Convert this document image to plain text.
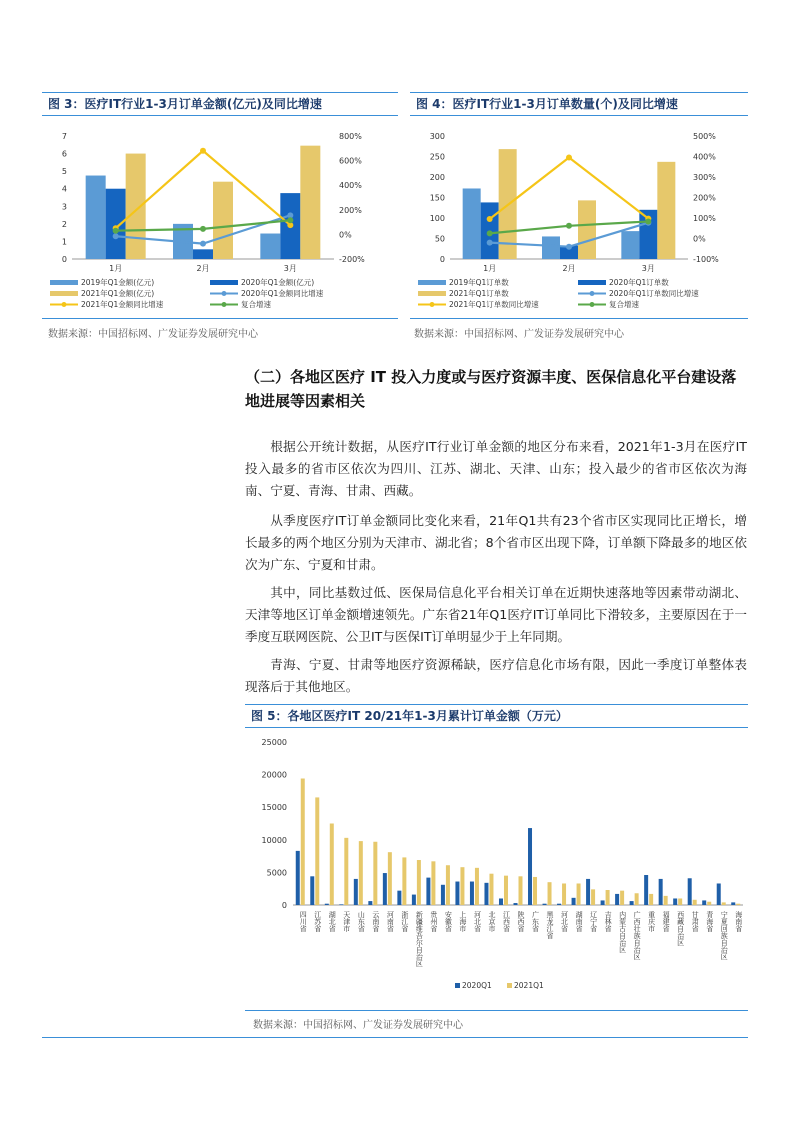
图 3：医疗IT行业1-3月订单金额(亿元)及同比增速
0
1
2
3
4
5
6
7
-200%
0%
200%
400%
600%
800%
1月	2月	3月
2019年Q1金额(亿元)	2020年Q1金额(亿元)
2021年Q1金额(亿元)	2020年Q1金额同比增速
2021年Q1金额同比增速	复合增速
数据来源：中国招标网、广发证券发展研究中心
图 4：医疗IT行业1-3月订单数量(个)及同比增速
0
50
100
150
200
250
300
-100%
0%
100%
200%
300%
400%
500%
1月	2月	3月
2019年Q1订单数	2020年Q1订单数
2021年Q1订单数	2020年Q1订单数同比增速
2021年Q1订单数同比增速	复合增速
数据来源：中国招标网、广发证券发展研究中心
（二）各地区医疗 IT 投入力度或与医疗资源丰度、医保信息化平台建设落地进展等因素相关
根据公开统计数据，从医疗IT行业订单金额的地区分布来看，2021年1-3月在医疗IT投入最多的省市区依次为四川、江苏、湖北、天津、山东；投入最少的省市区依次为海南、宁夏、青海、甘肃、西藏。
从季度医疗IT订单金额同比变化来看，21年Q1共有23个省市区实现同比正增长，增长最多的两个地区分别为天津市、湖北省；8个省市区出现下降，订单额下降最多的地区依次为广东、宁夏和甘肃。
其中，同比基数过低、医保局信息化平台相关订单在近期快速落地等因素带动湖北、天津等地区订单金额增速领先。广东省21年Q1医疗IT订单同比下滑较多，主要原因在于一季度互联网医院、公卫IT与医保IT订单明显少于上年同期。
青海、宁夏、甘肃等地医疗资源稀缺，医疗信息化市场有限，因此一季度订单整体表现落后于其他地区。
图 5：各地区医疗IT 20/21年1-3月累计订单金额（万元）
0
5000
10000
15000
20000
25000
四川省 江苏省 湖北省 天津市 山东省 云南省 河南省 浙江省 新疆维吾尔自治区 贵州省 安徽省 上海市 河北省 北京市 江西省 陕西省 广东省 黑龙江省 河北省 湖南省 辽宁省 吉林省 内蒙古自治区 广西壮族自治区 重庆市 福建省 西藏自治区 甘肃省 青海省 宁夏回族自治区 海南省
2020Q1	2021Q1
数据来源：中国招标网、广发证券发展研究中心
